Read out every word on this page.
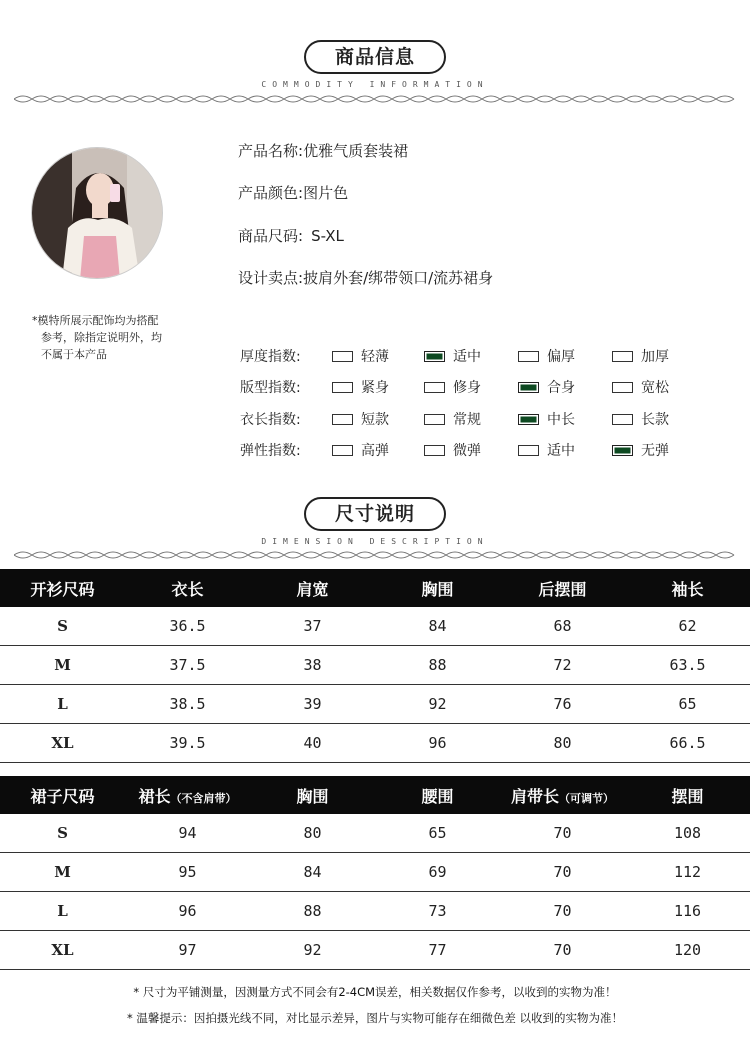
商品信息
COMMODITY INFORMATION
*模特所展示配饰均为搭配
参考，除指定说明外，均
不属于本产品
产品名称:优雅气质套装裙
产品颜色:图片色
商品尺码: S-XL
设计卖点:披肩外套/绑带领口/流苏裙身
厚度指数:	轻薄	适中	偏厚	加厚
版型指数:	紧身	修身	合身	宽松
衣长指数:	短款	常规	中长	长款
弹性指数:	高弹	微弹	适中	无弹
尺寸说明
DIMENSION DESCRIPTION
开衫尺码	衣长	肩宽	胸围	后摆围	袖长
S	36.5	37	84	68	62
M	37.5	38	88	72	63.5
L	38.5	39	92	76	65
XL	39.5	40	96	80	66.5
裙子尺码	裙长（不含肩带）	胸围	腰围	肩带长（可调节）	摆围
S	94	80	65	70	108
M	95	84	69	70	112
L	96	88	73	70	116
XL	97	92	77	70	120
* 尺寸为平铺测量，因测量方式不同会有2-4CM误差，相关数据仅作参考，以收到的实物为准！
* 温馨提示：因拍摄光线不同，对比显示差异，图片与实物可能存在细微色差 以收到的实物为准！
